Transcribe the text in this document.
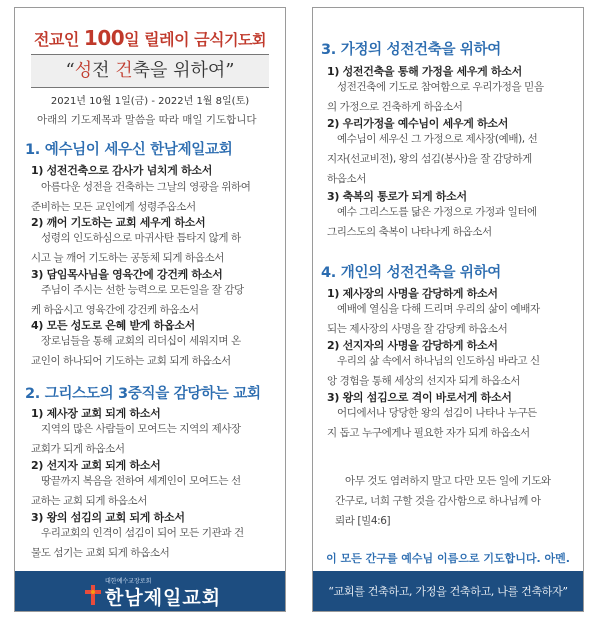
전교인 100일 릴레이 금식기도회
“성전 건축을 위하여”
2021년 10월 1일(금) - 2022년 1월 8일(토)
아래의 기도제목과 말씀을 따라 매일 기도합니다
1. 예수님이 세우신 한남제일교회
1) 성전건축으로 감사가 넘치게 하소서
아름다운 성전을 건축하는 그날의 영광을 위하여
준비하는 모든 교인에게 성령주옵소서
2) 깨어 기도하는 교회 세우게 하소서
성령의 인도하심으로 마귀사탄 틈타지 않게 하
시고 늘 깨어 기도하는 공동체 되게 하옵소서
3) 담임목사님을 영육간에 강건케 하소서
주님이 주시는 선한 능력으로 모든일을 잘 감당
케 하옵시고 영육간에 강건케 하옵소서
4) 모든 성도로 은혜 받게 하옵소서
장로님들을 통해 교회의 리더십이 세워지며 온
교인이 하나되어 기도하는 교회 되게 하옵소서
2. 그리스도의 3중직을 감당하는 교회
1) 제사장 교회 되게 하소서
지역의 많은 사람들이 모여드는 지역의 제사장
교회가 되게 하옵소서
2) 선지자 교회 되게 하소서
땅끝까지 복음을 전하여 세계인이 모여드는 선
교하는 교회 되게 하옵소서
3) 왕의 섬김의 교회 되게 하소서
우리교회의 인격이 섬김이 되어 모든 기관과 건
물도 섬기는 교회 되게 하옵소서
대한예수교장로회
한남제일교회
3. 가정의 성전건축을 위하여
1) 성전건축을 통해 가정을 세우게 하소서
성전건축에 기도로 참여함으로 우리가정을 믿음
의 가정으로 건축하게 하옵소서
2) 우리가정을 예수님이 세우게 하소서
예수님이 세우신 그 가정으로 제사장(예배), 선
지자(선교비전), 왕의 섬김(봉사)을 잘 감당하게
하옵소서
3) 축복의 통로가 되게 하소서
예수 그리스도를 닮은 가정으로 가정과 일터에
그리스도의 축복이 나타나게 하옵소서
4. 개인의 성전건축을 위하여
1) 제사장의 사명을 감당하게 하소서
예배에 열심을 다해 드리며 우리의 삶이 예배자
되는 제사장의 사명을 잘 감당케 하옵소서
2) 선지자의 사명을 감당하게 하소서
우리의 삶 속에서 하나님의 인도하심 바라고 신
앙 경험을 통해 세상의 선지자 되게 하옵소서
3) 왕의 섬김으로 격이 바로서게 하소서
어디에서나 당당한 왕의 섬김이 나타나 누구든
지 돕고 누구에게나 필요한 자가 되게 하옵소서
아무 것도 염려하지 말고 다만 모든 일에 기도와
간구로, 너희 구할 것을 감사함으로 하나님께 아
뢰라 [빌4:6]
이 모든 간구를 예수님 이름으로 기도합니다. 아멘.
“교회를 건축하고, 가정을 건축하고, 나를 건축하자”
